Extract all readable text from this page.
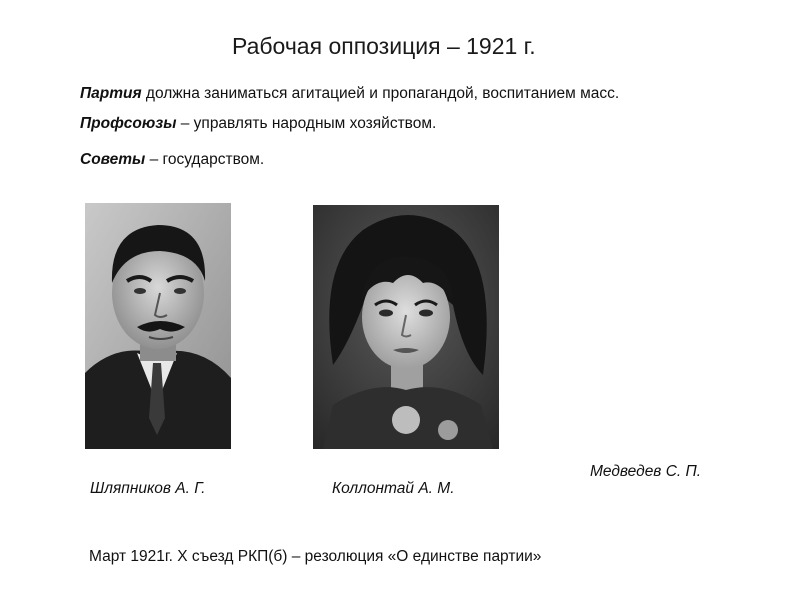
Рабочая оппозиция – 1921 г.

Партия должна заниматься агитацией и пропагандой, воспитанием масс.

Профсоюзы – управлять народным хозяйством.

Советы – государством.

Шляпников А. Г.	Коллонтай А. М.
Медведев С. П.
Март 1921г. X съезд РКП(б) – резолюция «О единстве партии»
